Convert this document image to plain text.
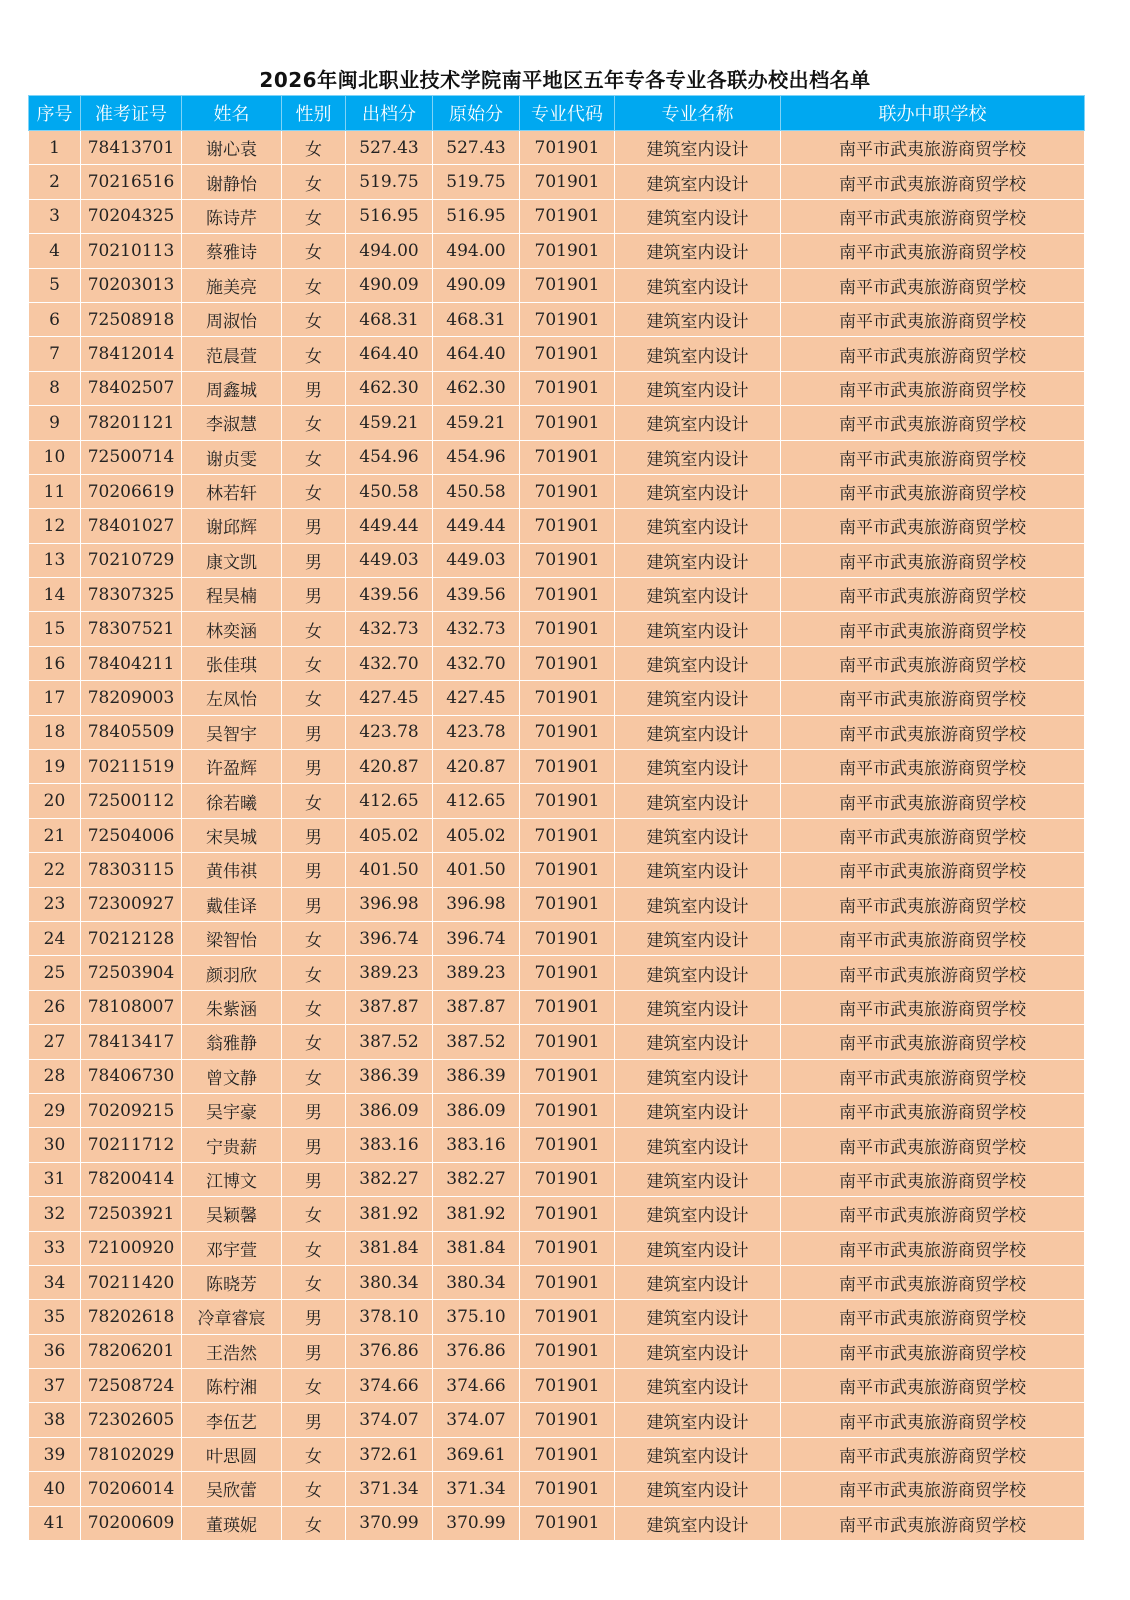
2026年闽北职业技术学院南平地区五年专各专业各联办校出档名单
序号	准考证号	姓名	性别	出档分	原始分	专业代码	专业名称	联办中职学校
1	78413701	谢心袁	女	527.43	527.43	701901	建筑室内设计	南平市武夷旅游商贸学校
2	70216516	谢静怡	女	519.75	519.75	701901	建筑室内设计	南平市武夷旅游商贸学校
3	70204325	陈诗芹	女	516.95	516.95	701901	建筑室内设计	南平市武夷旅游商贸学校
4	70210113	蔡雅诗	女	494.00	494.00	701901	建筑室内设计	南平市武夷旅游商贸学校
5	70203013	施美亮	女	490.09	490.09	701901	建筑室内设计	南平市武夷旅游商贸学校
6	72508918	周淑怡	女	468.31	468.31	701901	建筑室内设计	南平市武夷旅游商贸学校
7	78412014	范晨萱	女	464.40	464.40	701901	建筑室内设计	南平市武夷旅游商贸学校
8	78402507	周鑫城	男	462.30	462.30	701901	建筑室内设计	南平市武夷旅游商贸学校
9	78201121	李淑慧	女	459.21	459.21	701901	建筑室内设计	南平市武夷旅游商贸学校
10	72500714	谢贞雯	女	454.96	454.96	701901	建筑室内设计	南平市武夷旅游商贸学校
11	70206619	林若轩	女	450.58	450.58	701901	建筑室内设计	南平市武夷旅游商贸学校
12	78401027	谢邱辉	男	449.44	449.44	701901	建筑室内设计	南平市武夷旅游商贸学校
13	70210729	康文凯	男	449.03	449.03	701901	建筑室内设计	南平市武夷旅游商贸学校
14	78307325	程昊楠	男	439.56	439.56	701901	建筑室内设计	南平市武夷旅游商贸学校
15	78307521	林奕涵	女	432.73	432.73	701901	建筑室内设计	南平市武夷旅游商贸学校
16	78404211	张佳琪	女	432.70	432.70	701901	建筑室内设计	南平市武夷旅游商贸学校
17	78209003	左凤怡	女	427.45	427.45	701901	建筑室内设计	南平市武夷旅游商贸学校
18	78405509	吴智宇	男	423.78	423.78	701901	建筑室内设计	南平市武夷旅游商贸学校
19	70211519	许盈辉	男	420.87	420.87	701901	建筑室内设计	南平市武夷旅游商贸学校
20	72500112	徐若曦	女	412.65	412.65	701901	建筑室内设计	南平市武夷旅游商贸学校
21	72504006	宋昊城	男	405.02	405.02	701901	建筑室内设计	南平市武夷旅游商贸学校
22	78303115	黄伟祺	男	401.50	401.50	701901	建筑室内设计	南平市武夷旅游商贸学校
23	72300927	戴佳译	男	396.98	396.98	701901	建筑室内设计	南平市武夷旅游商贸学校
24	70212128	梁智怡	女	396.74	396.74	701901	建筑室内设计	南平市武夷旅游商贸学校
25	72503904	颜羽欣	女	389.23	389.23	701901	建筑室内设计	南平市武夷旅游商贸学校
26	78108007	朱紫涵	女	387.87	387.87	701901	建筑室内设计	南平市武夷旅游商贸学校
27	78413417	翁雅静	女	387.52	387.52	701901	建筑室内设计	南平市武夷旅游商贸学校
28	78406730	曾文静	女	386.39	386.39	701901	建筑室内设计	南平市武夷旅游商贸学校
29	70209215	吴宇豪	男	386.09	386.09	701901	建筑室内设计	南平市武夷旅游商贸学校
30	70211712	宁贵薪	男	383.16	383.16	701901	建筑室内设计	南平市武夷旅游商贸学校
31	78200414	江博文	男	382.27	382.27	701901	建筑室内设计	南平市武夷旅游商贸学校
32	72503921	吴颖馨	女	381.92	381.92	701901	建筑室内设计	南平市武夷旅游商贸学校
33	72100920	邓宇萱	女	381.84	381.84	701901	建筑室内设计	南平市武夷旅游商贸学校
34	70211420	陈晓芳	女	380.34	380.34	701901	建筑室内设计	南平市武夷旅游商贸学校
35	78202618	冷章睿宸	男	378.10	375.10	701901	建筑室内设计	南平市武夷旅游商贸学校
36	78206201	王浩然	男	376.86	376.86	701901	建筑室内设计	南平市武夷旅游商贸学校
37	72508724	陈柠湘	女	374.66	374.66	701901	建筑室内设计	南平市武夷旅游商贸学校
38	72302605	李伍艺	男	374.07	374.07	701901	建筑室内设计	南平市武夷旅游商贸学校
39	78102029	叶思圆	女	372.61	369.61	701901	建筑室内设计	南平市武夷旅游商贸学校
40	70206014	吴欣蕾	女	371.34	371.34	701901	建筑室内设计	南平市武夷旅游商贸学校
41	70200609	董瑛妮	女	370.99	370.99	701901	建筑室内设计	南平市武夷旅游商贸学校
